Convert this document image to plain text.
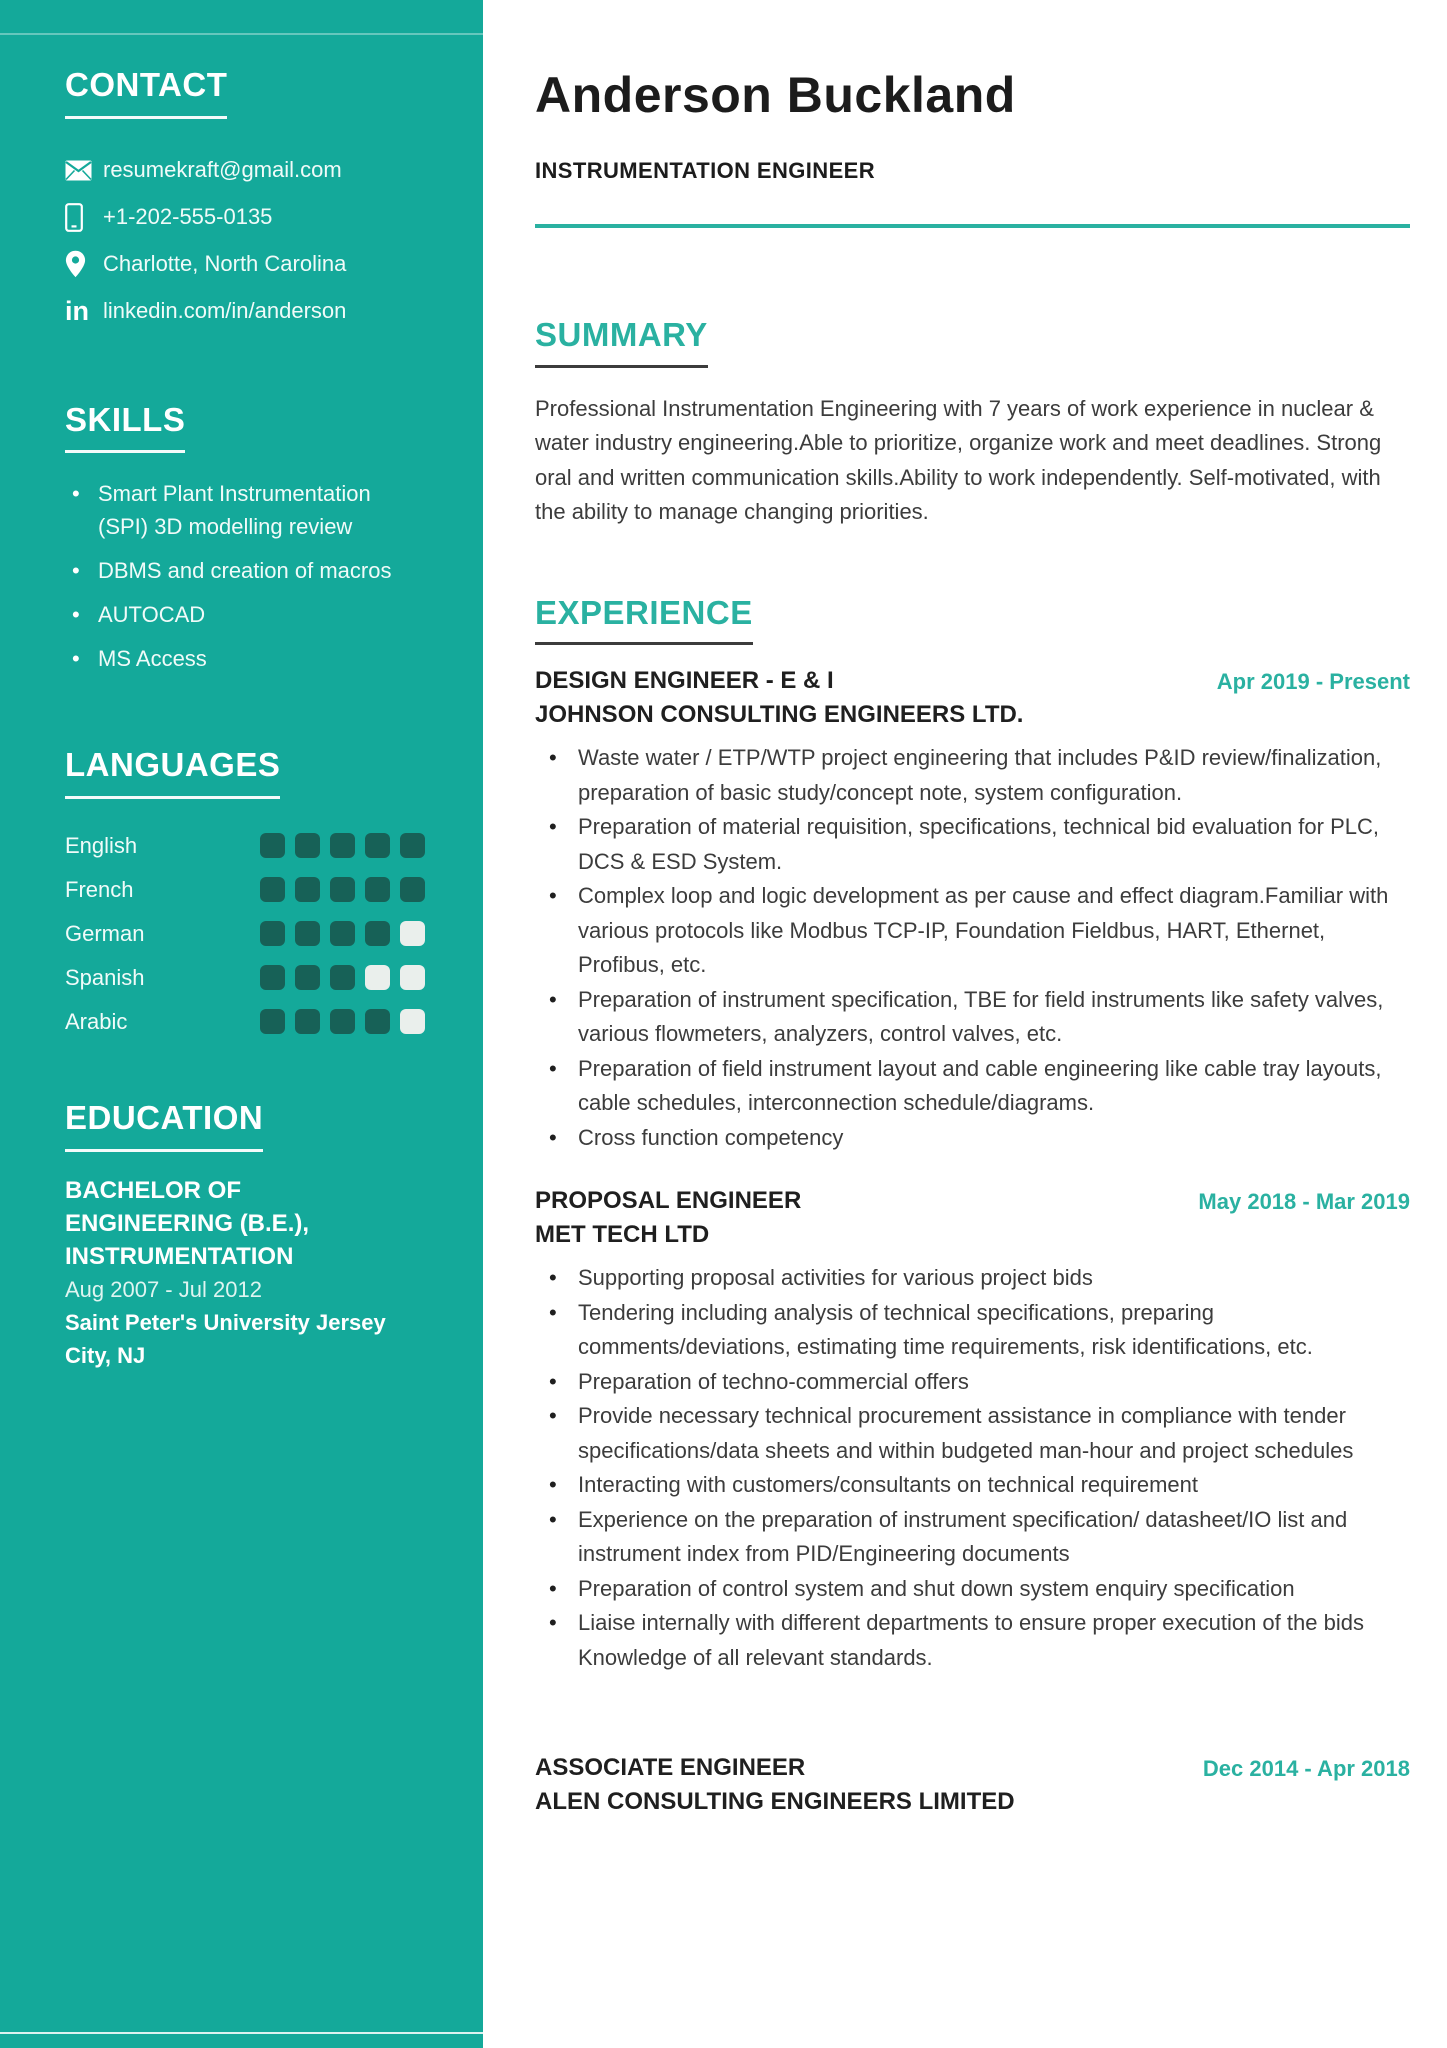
CONTACT
resumekraft@gmail.com
+1-202-555-0135
Charlotte, North Carolina
in linkedin.com/in/anderson
SKILLS
• Smart Plant Instrumentation (SPI) 3D modelling review
• DBMS and creation of macros
• AUTOCAD
• MS Access
LANGUAGES
English
French
German
Spanish
Arabic
EDUCATION
BACHELOR OF
ENGINEERING (B.E.),
INSTRUMENTATION
Aug 2007 - Jul 2012
Saint Peter's University Jersey
City, NJ
Anderson Buckland
INSTRUMENTATION ENGINEER
SUMMARY

Professional Instrumentation Engineering with 7 years of work experience in nuclear & water industry engineering.Able to prioritize, organize work and meet deadlines. Strong oral and written communication skills.Ability to work independently. Self-motivated, with the ability to manage changing priorities.

EXPERIENCE
DESIGN ENGINEER - E & I	Apr 2019 - Present
JOHNSON CONSULTING ENGINEERS LTD.
• Waste water / ETP/WTP project engineering that includes P&ID review/finalization, preparation of basic study/concept note, system configuration.
• Preparation of material requisition, specifications, technical bid evaluation for PLC, DCS & ESD System.
• Complex loop and logic development as per cause and effect diagram.Familiar with various protocols like Modbus TCP-IP, Foundation Fieldbus, HART, Ethernet, Profibus, etc.
• Preparation of instrument specification, TBE for field instruments like safety valves, various flowmeters, analyzers, control valves, etc.
• Preparation of field instrument layout and cable engineering like cable tray layouts, cable schedules, interconnection schedule/diagrams.
• Cross function competency
PROPOSAL ENGINEER	May 2018 - Mar 2019
MET TECH LTD
• Supporting proposal activities for various project bids
• Tendering including analysis of technical specifications, preparing comments/deviations, estimating time requirements, risk identifications, etc.
• Preparation of techno-commercial offers
• Provide necessary technical procurement assistance in compliance with tender specifications/data sheets and within budgeted man-hour and project schedules
• Interacting with customers/consultants on technical requirement
• Experience on the preparation of instrument specification/ datasheet/IO list and instrument index from PID/Engineering documents
• Preparation of control system and shut down system enquiry specification
• Liaise internally with different departments to ensure proper execution of the bids Knowledge of all relevant standards.
ASSOCIATE ENGINEER	Dec 2014 - Apr 2018
ALEN CONSULTING ENGINEERS LIMITED
